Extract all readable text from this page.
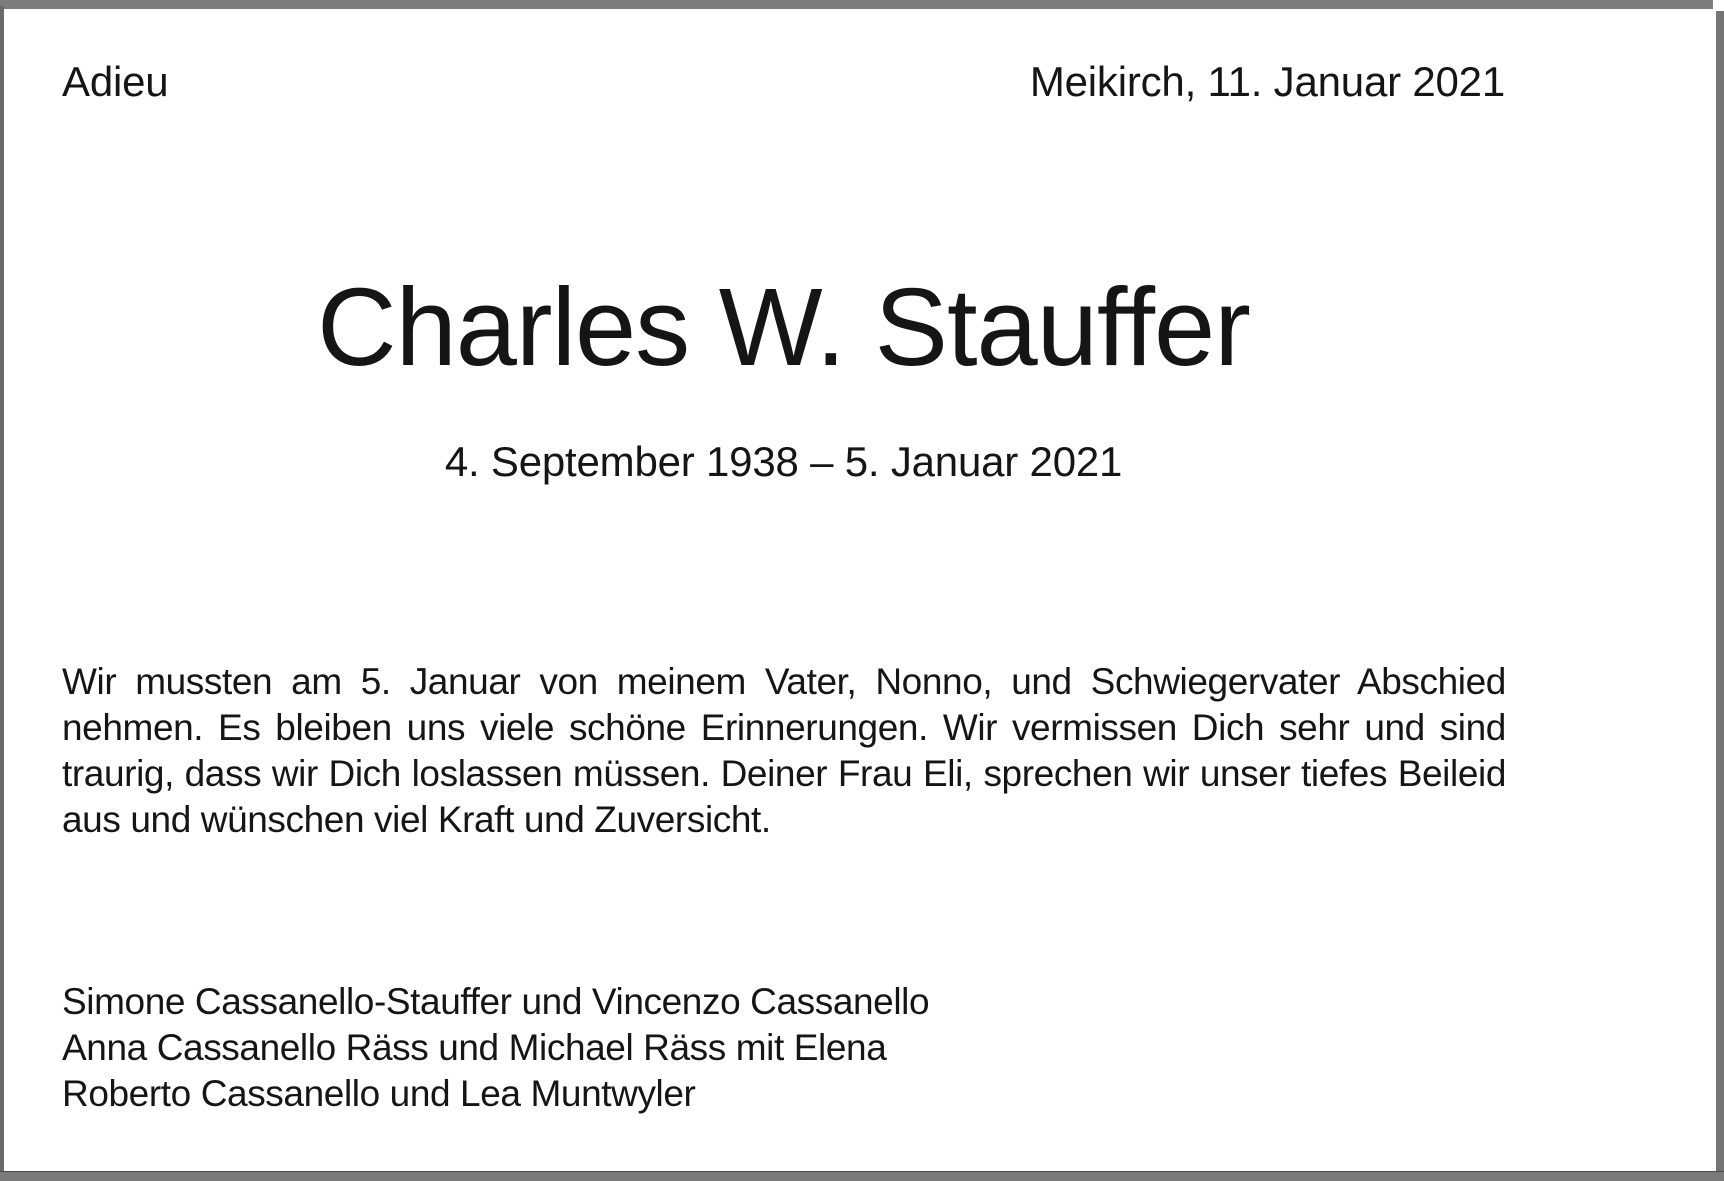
Adieu	Meikirch, 11. Januar 2021
Charles W. Stauffer
4. September 1938 – 5. Januar 2021
Wir mussten am 5. Januar von meinem Vater, Nonno, und Schwiegervater Abschied
nehmen. Es bleiben uns viele schöne Erinnerungen. Wir vermissen Dich sehr und sind
traurig, dass wir Dich loslassen müssen. Deiner Frau Eli, sprechen wir unser tiefes Beileid
aus und wünschen viel Kraft und Zuversicht.
Simone Cassanello-Stauffer und Vincenzo Cassanello
Anna Cassanello Räss und Michael Räss mit Elena
Roberto Cassanello und Lea Muntwyler
